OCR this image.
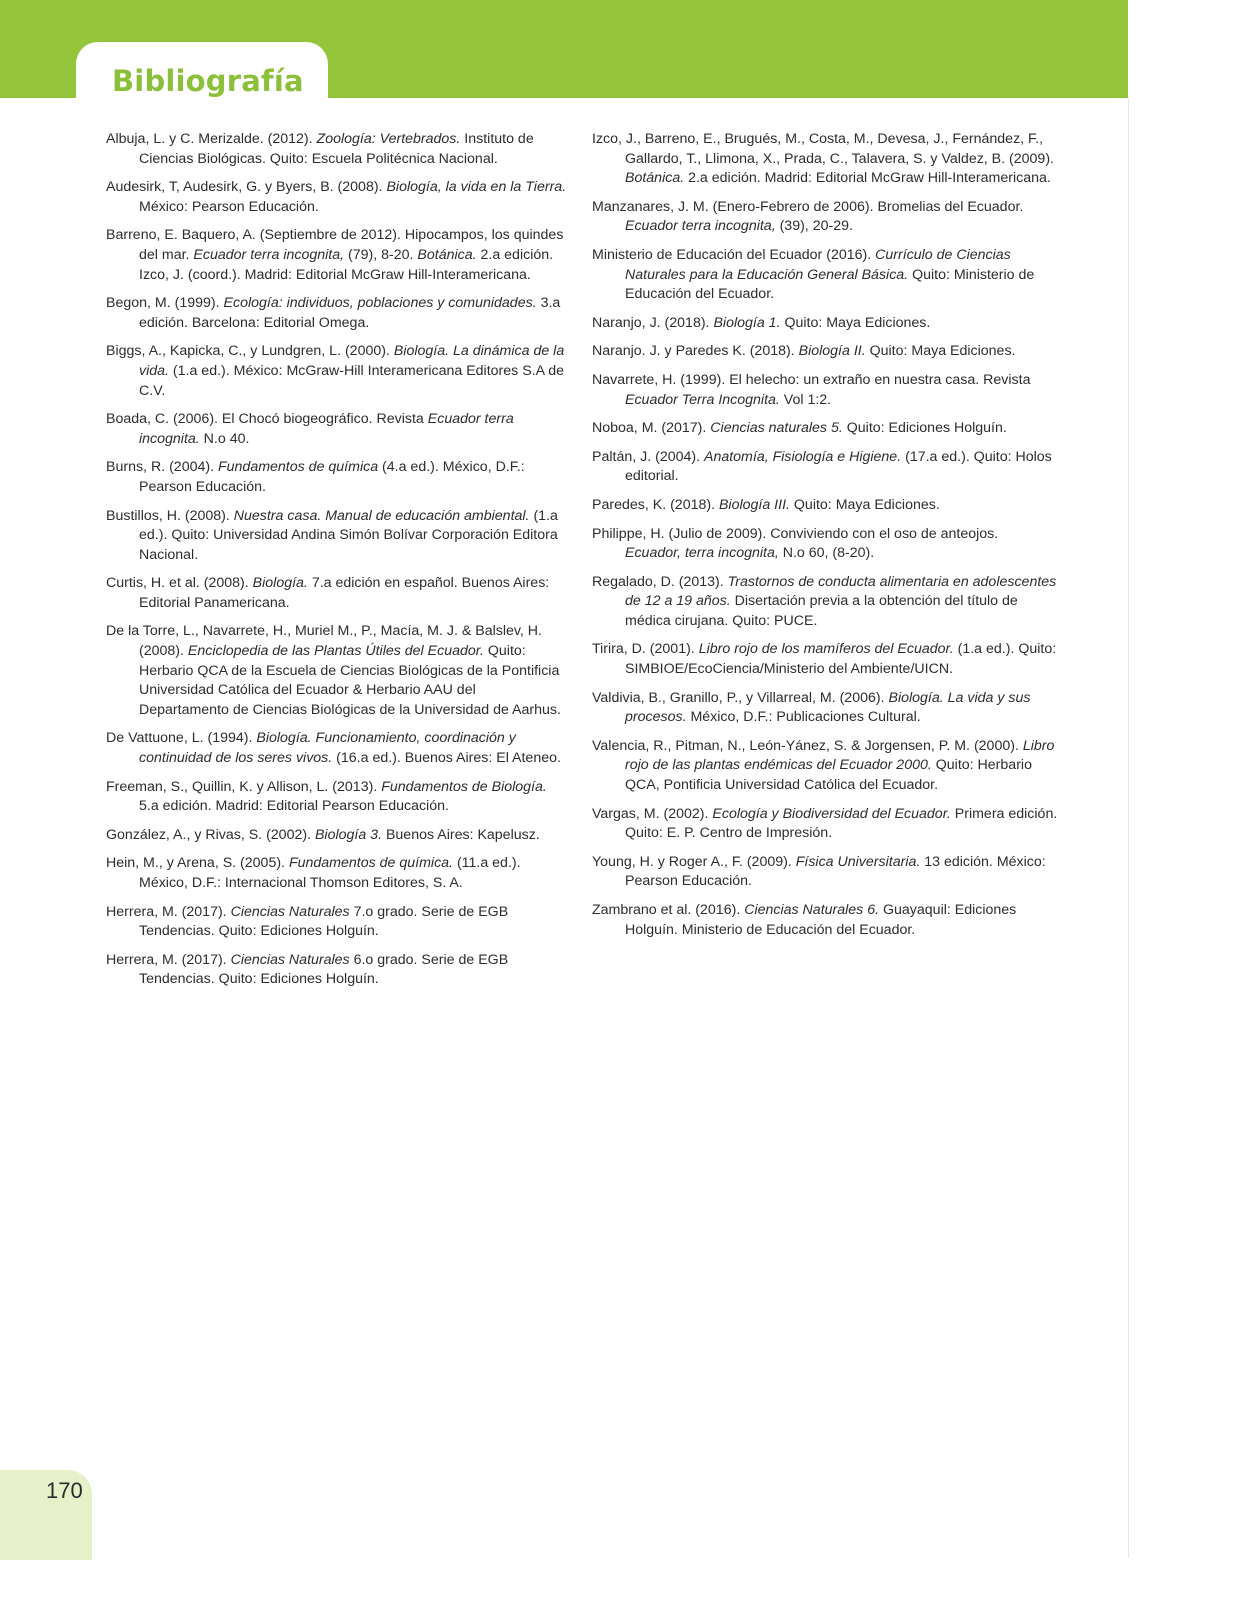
Bibliografía
Albuja, L. y C. Merizalde. (2012). Zoología: Vertebrados. Instituto de Ciencias Biológicas. Quito: Escuela Politécnica Nacional.
Audesirk, T, Audesirk, G. y Byers, B. (2008). Biología, la vida en la Tierra. México: Pearson Educación.
Barreno, E. Baquero, A. (Septiembre de 2012). Hipocampos, los quindes del mar. Ecuador terra incognita, (79), 8-20. Botánica. 2.a edición. Izco, J. (coord.). Madrid: Editorial McGraw Hill-Interamericana.
Begon, M. (1999). Ecología: individuos, poblaciones y comunidades. 3.a edición. Barcelona: Editorial Omega.
Biggs, A., Kapicka, C., y Lundgren, L. (2000). Biología. La dinámica de la vida. (1.a ed.). México: McGraw-Hill Interamericana Editores S.A de C.V.
Boada, C. (2006). El Chocó biogeográfico. Revista Ecuador terra incognita. N.o 40.
Burns, R. (2004). Fundamentos de química (4.a ed.). México, D.F.: Pearson Educación.
Bustillos, H. (2008). Nuestra casa. Manual de educación ambiental. (1.a ed.). Quito: Universidad Andina Simón Bolívar Corporación Editora Nacional.
Curtis, H. et al. (2008). Biología. 7.a edición en español. Buenos Aires: Editorial Panamericana.
De la Torre, L., Navarrete, H., Muriel M., P., Macía, M. J. & Balslev, H. (2008). Enciclopedia de las Plantas Útiles del Ecuador. Quito: Herbario QCA de la Escuela de Ciencias Biológicas de la Pontificia Universidad Católica del Ecuador & Herbario AAU del Departamento de Ciencias Biológicas de la Universidad de Aarhus.
De Vattuone, L. (1994). Biología. Funcionamiento, coordinación y continuidad de los seres vivos. (16.a ed.). Buenos Aires: El Ateneo.
Freeman, S., Quillin, K. y Allison, L. (2013). Fundamentos de Biología. 5.a edición. Madrid: Editorial Pearson Educación.
González, A., y Rivas, S. (2002). Biología 3. Buenos Aires: Kapelusz.
Hein, M., y Arena, S. (2005). Fundamentos de química. (11.a ed.). México, D.F.: Internacional Thomson Editores, S. A.
Herrera, M. (2017). Ciencias Naturales 7.o grado. Serie de EGB Tendencias. Quito: Ediciones Holguín.
Herrera, M. (2017). Ciencias Naturales 6.o grado. Serie de EGB Tendencias. Quito: Ediciones Holguín.
Izco, J., Barreno, E., Brugués, M., Costa, M., Devesa, J., Fernández, F., Gallardo, T., Llimona, X., Prada, C., Talavera, S. y Valdez, B. (2009). Botánica. 2.a edición. Madrid: Editorial McGraw Hill-Interamericana.
Manzanares, J. M. (Enero-Febrero de 2006). Bromelias del Ecuador. Ecuador terra incognita, (39), 20-29.
Ministerio de Educación del Ecuador (2016). Currículo de Ciencias Naturales para la Educación General Básica. Quito: Ministerio de Educación del Ecuador.
Naranjo, J. (2018). Biología 1. Quito: Maya Ediciones.
Naranjo. J. y Paredes K. (2018). Biología II. Quito: Maya Ediciones.
Navarrete, H. (1999). El helecho: un extraño en nuestra casa. Revista Ecuador Terra Incognita. Vol 1:2.
Noboa, M. (2017). Ciencias naturales 5. Quito: Ediciones Holguín.
Paltán, J. (2004). Anatomía, Fisiología e Higiene. (17.a ed.). Quito: Holos editorial.
Paredes, K. (2018). Biología III. Quito: Maya Ediciones.
Philippe, H. (Julio de 2009). Conviviendo con el oso de anteojos. Ecuador, terra incognita, N.o 60, (8-20).
Regalado, D. (2013). Trastornos de conducta alimentaria en adolescentes de 12 a 19 años. Disertación previa a la obtención del título de médica cirujana. Quito: PUCE.
Tirira, D. (2001). Libro rojo de los mamíferos del Ecuador. (1.a ed.). Quito: SIMBIOE/EcoCiencia/Ministerio del Ambiente/UICN.
Valdivia, B., Granillo, P., y Villarreal, M. (2006). Biología. La vida y sus procesos. México, D.F.: Publicaciones Cultural.
Valencia, R., Pitman, N., León-Yánez, S. & Jorgensen, P. M. (2000). Libro rojo de las plantas endémicas del Ecuador 2000. Quito: Herbario QCA, Pontificia Universidad Católica del Ecuador.
Vargas, M. (2002). Ecología y Biodiversidad del Ecuador. Primera edición. Quito: E. P. Centro de Impresión.
Young, H. y Roger A., F. (2009). Física Universitaria. 13 edición. México: Pearson Educación.
Zambrano et al. (2016). Ciencias Naturales 6. Guayaquil: Ediciones Holguín. Ministerio de Educación del Ecuador.
170
